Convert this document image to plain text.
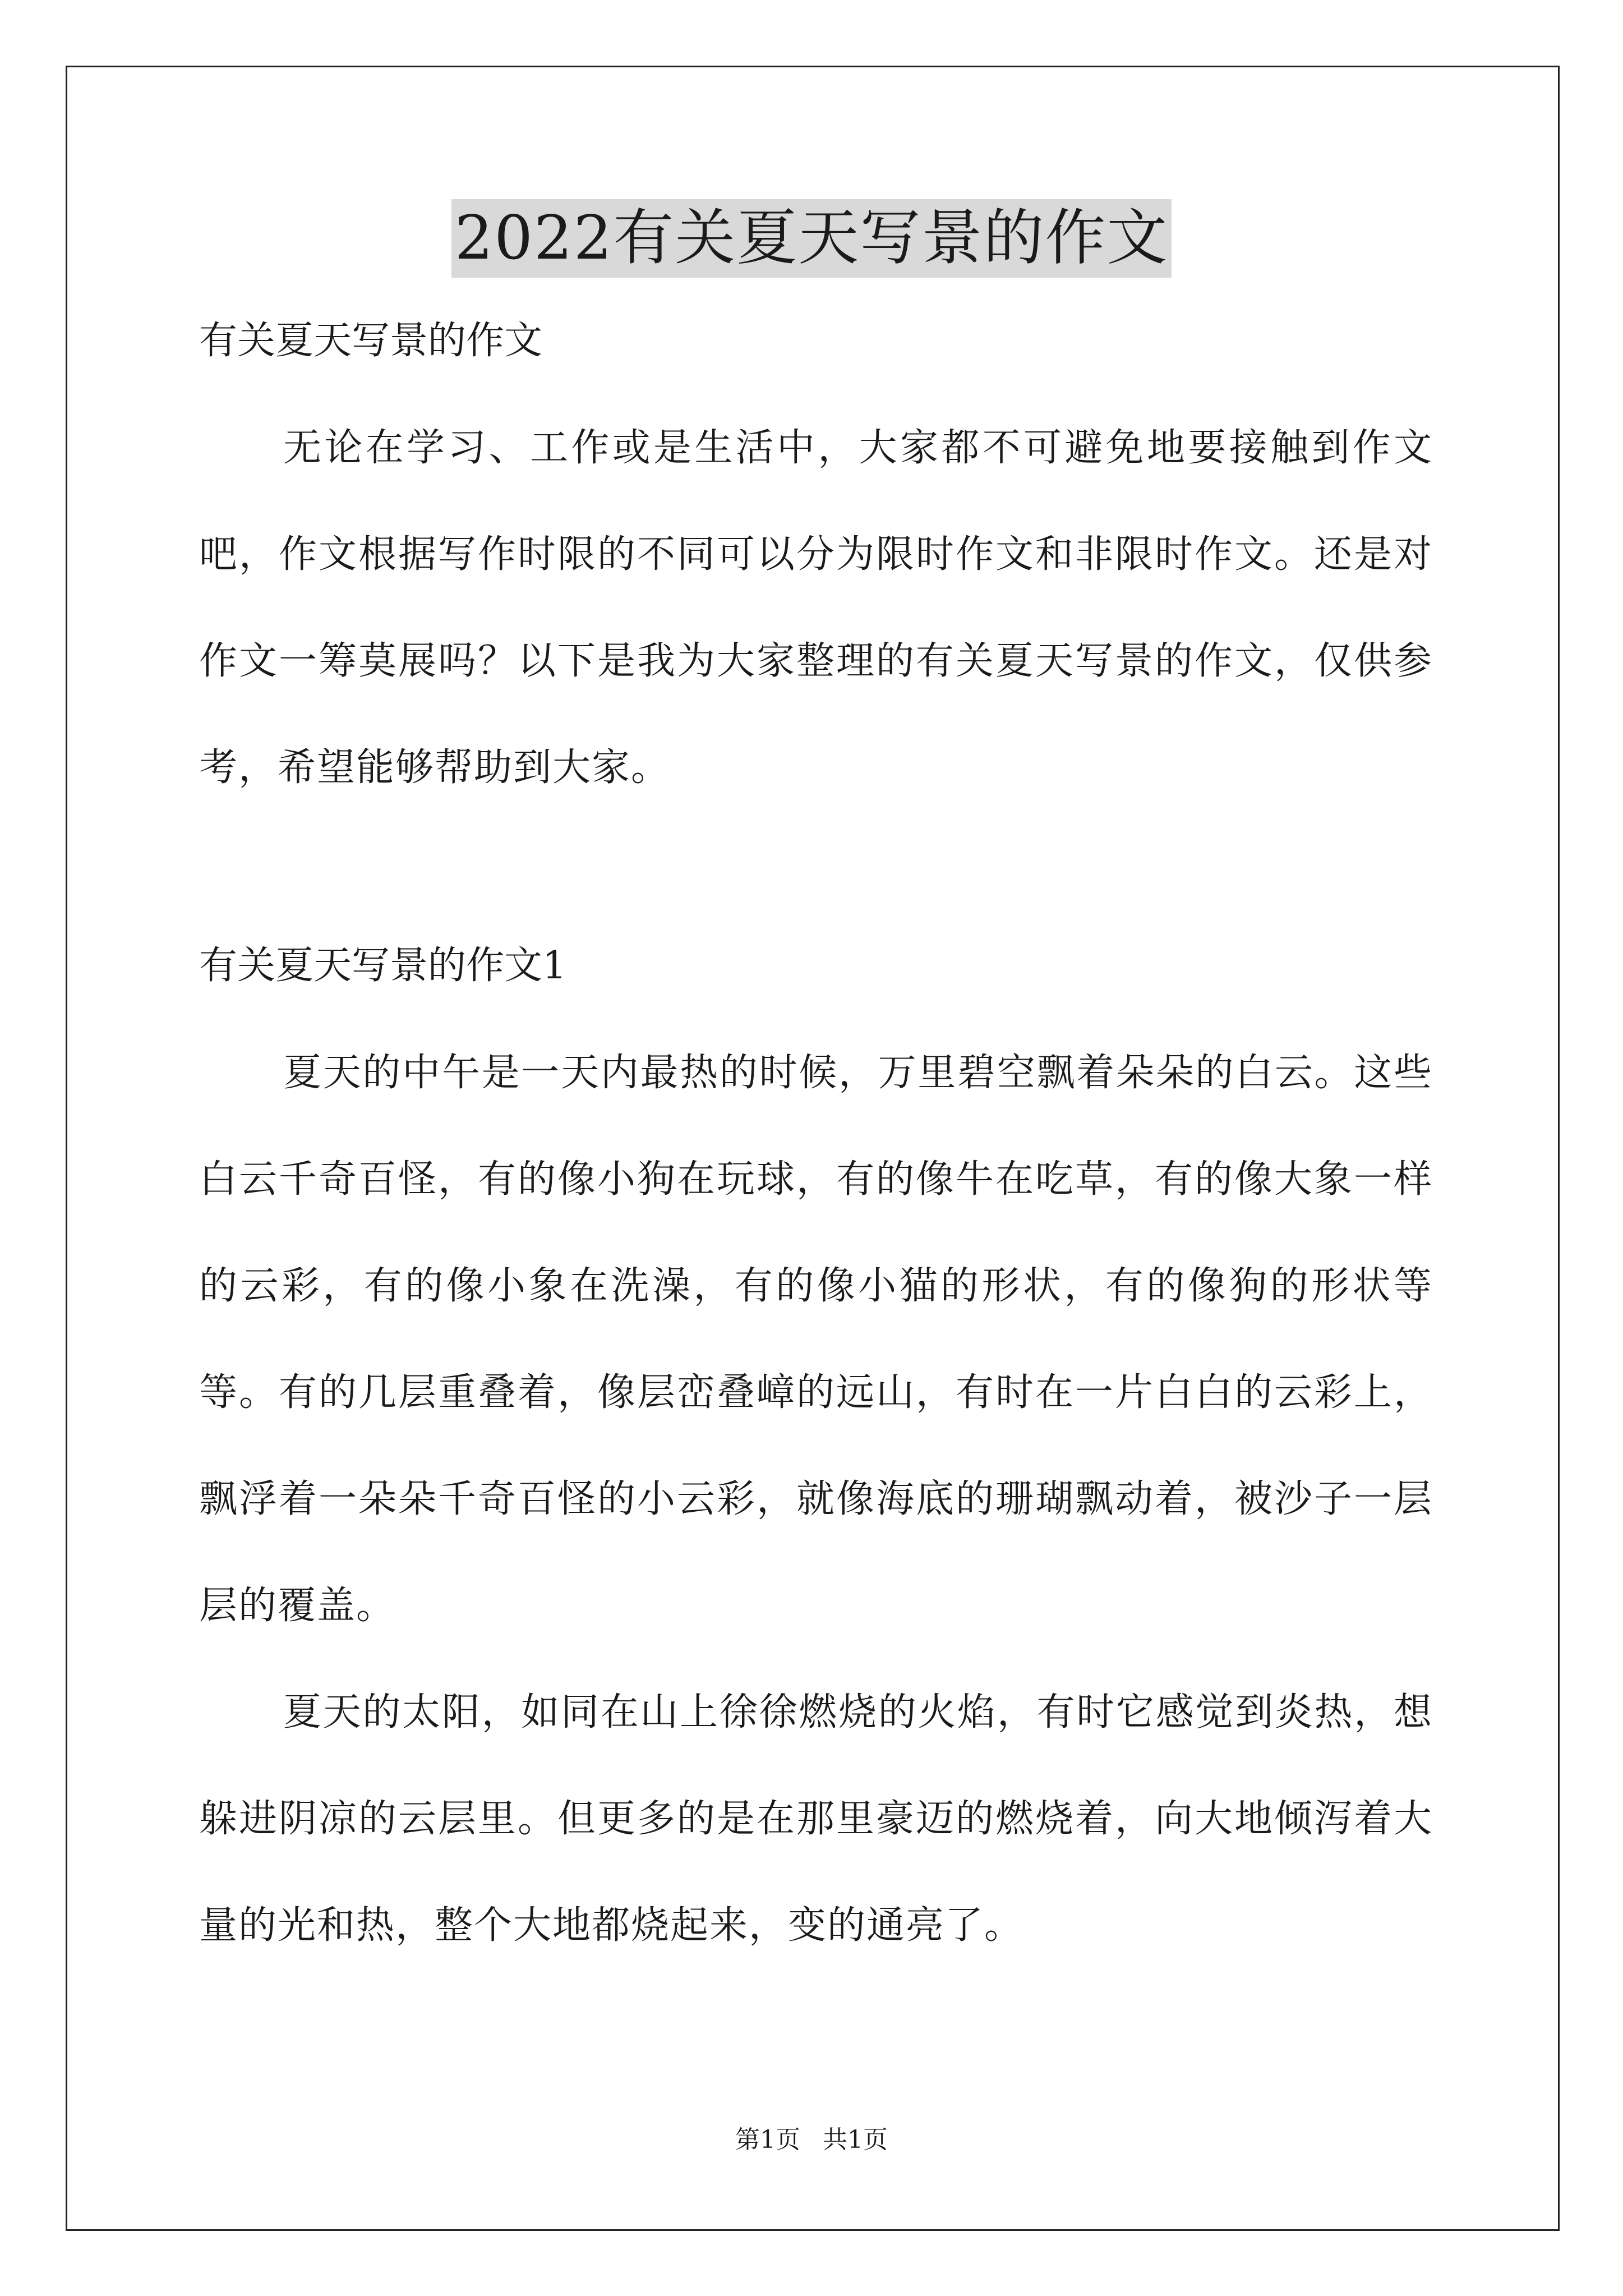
2022有关夏天写景的作文

有关夏天写景的作文

无论在学习、工作或是生活中，大家都不可避免地要接触到作文吧，作文根据写作时限的不同可以分为限时作文和非限时作文。还是对作文一筹莫展吗？以下是我为大家整理的有关夏天写景的作文，仅供参考，希望能够帮助到大家。

有关夏天写景的作文1

夏天的中午是一天内最热的时候，万里碧空飘着朵朵的白云。这些白云千奇百怪，有的像小狗在玩球，有的像牛在吃草，有的像大象一样的云彩，有的像小象在洗澡，有的像小猫的形状，有的像狗的形状等等。有的几层重叠着，像层峦叠嶂的远山，有时在一片白白的云彩上，飘浮着一朵朵千奇百怪的小云彩，就像海底的珊瑚飘动着，被沙子一层层的覆盖。

夏天的太阳，如同在山上徐徐燃烧的火焰，有时它感觉到炎热，想躲进阴凉的云层里。但更多的是在那里豪迈的燃烧着，向大地倾泻着大量的光和热，整个大地都烧起来，变的通亮了。

第1页 共1页
